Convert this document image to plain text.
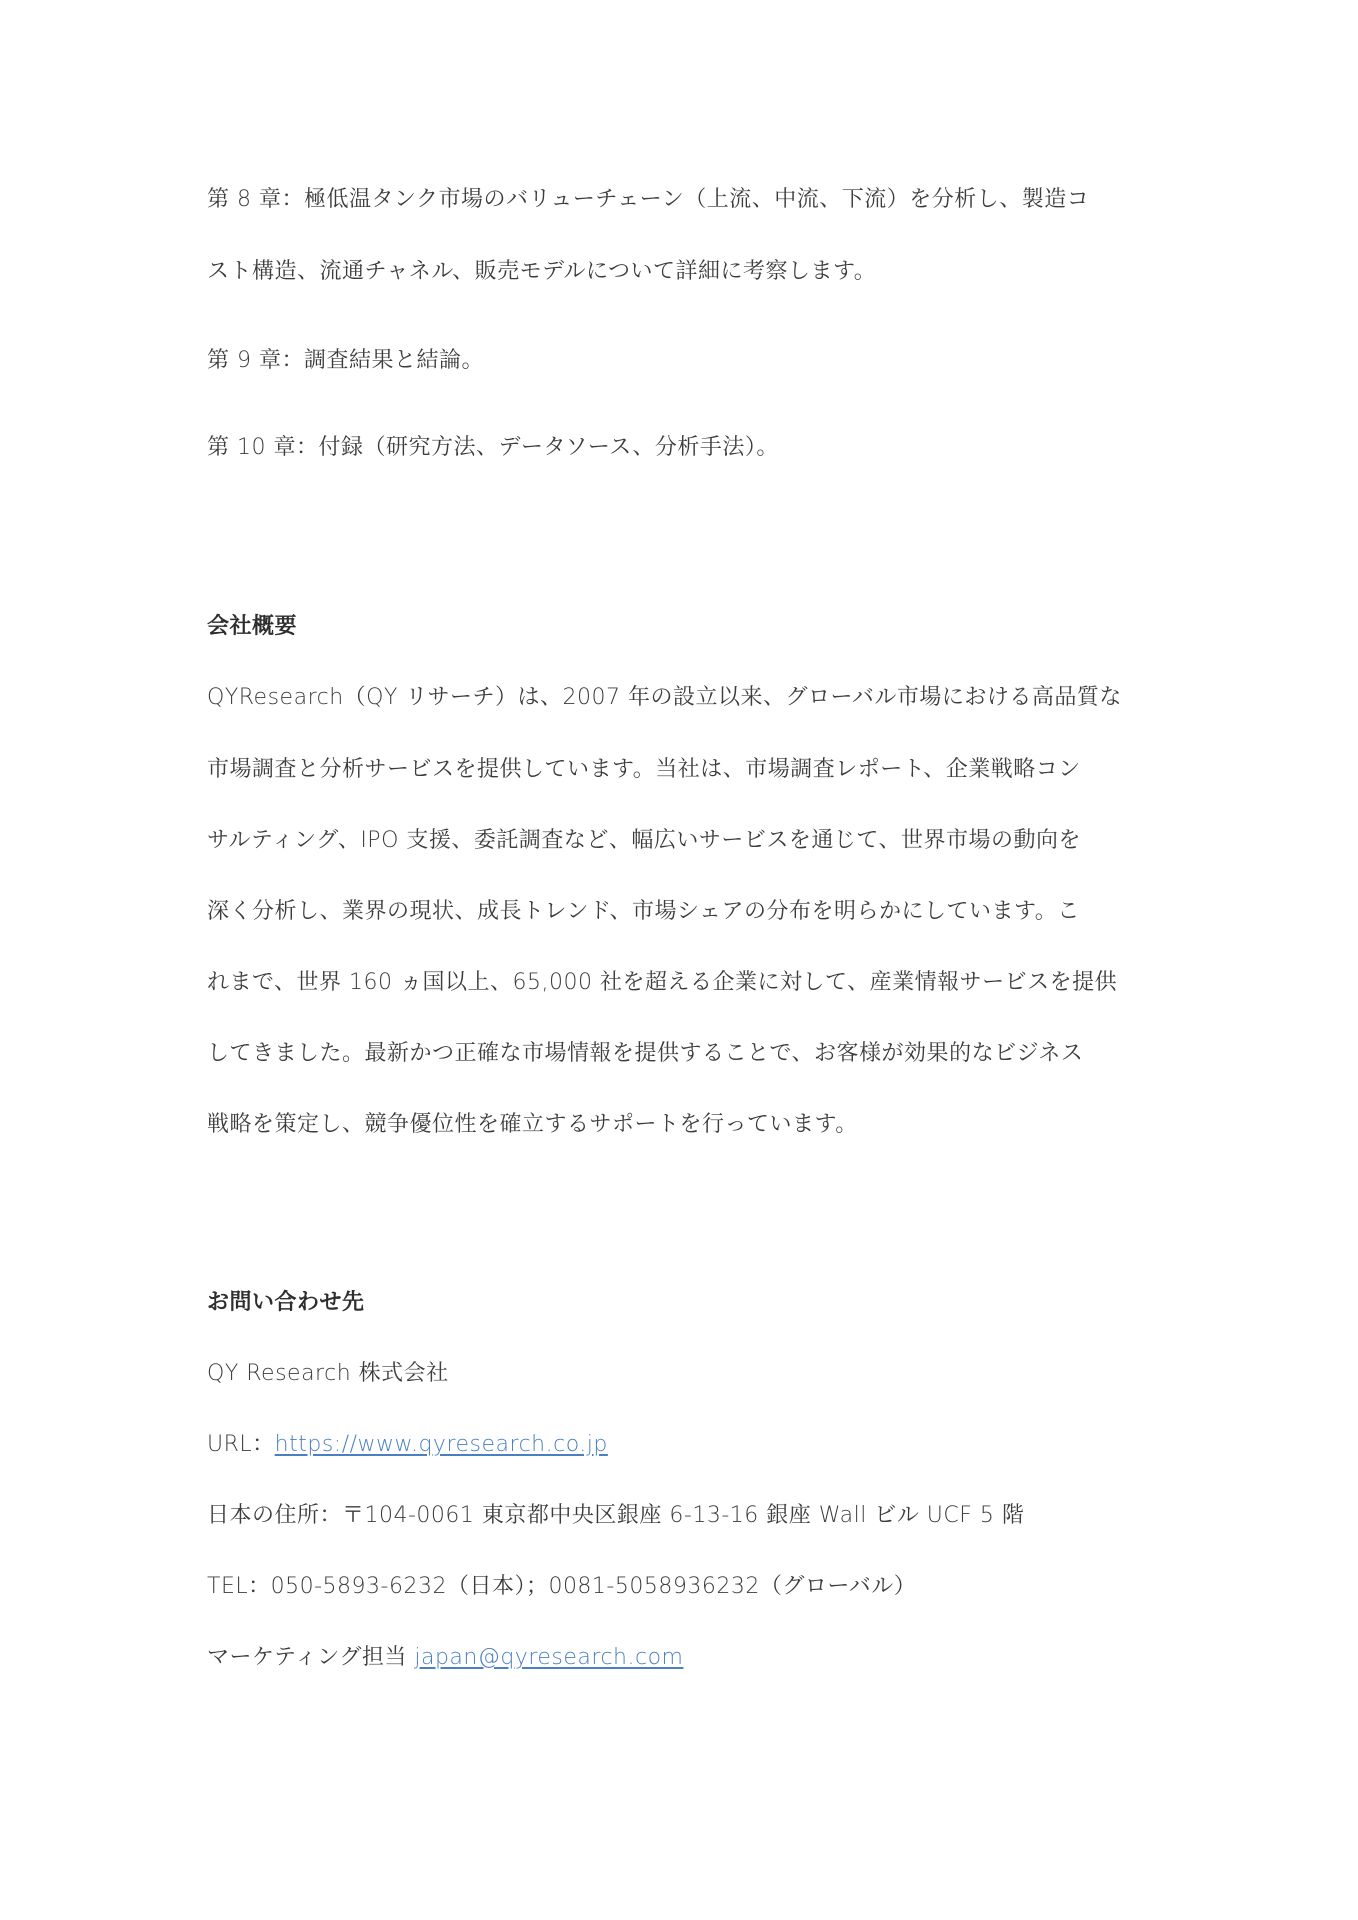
第 8 章：極低温タンク市場のバリューチェーン（上流、中流、下流）を分析し、製造コ
スト構造、流通チャネル、販売モデルについて詳細に考察します。
第 9 章：調査結果と結論。
第 10 章：付録（研究方法、データソース、分析手法）。
会社概要
QYResearch（QY リサーチ）は、2007 年の設立以来、グローバル市場における高品質な
市場調査と分析サービスを提供しています。当社は、市場調査レポート、企業戦略コン
サルティング、IPO 支援、委託調査など、幅広いサービスを通じて、世界市場の動向を
深く分析し、業界の現状、成長トレンド、市場シェアの分布を明らかにしています。こ
れまで、世界 160 ヵ国以上、65,000 社を超える企業に対して、産業情報サービスを提供
してきました。最新かつ正確な市場情報を提供することで、お客様が効果的なビジネス
戦略を策定し、競争優位性を確立するサポートを行っています。
お問い合わせ先
QY Research 株式会社
URL：https://www.qyresearch.co.jp
日本の住所：〒104-0061 東京都中央区銀座 6-13-16 銀座 Wall ビル UCF 5 階
TEL：050-5893-6232（日本）；0081-5058936232（グローバル）
マーケティング担当 japan@qyresearch.com
